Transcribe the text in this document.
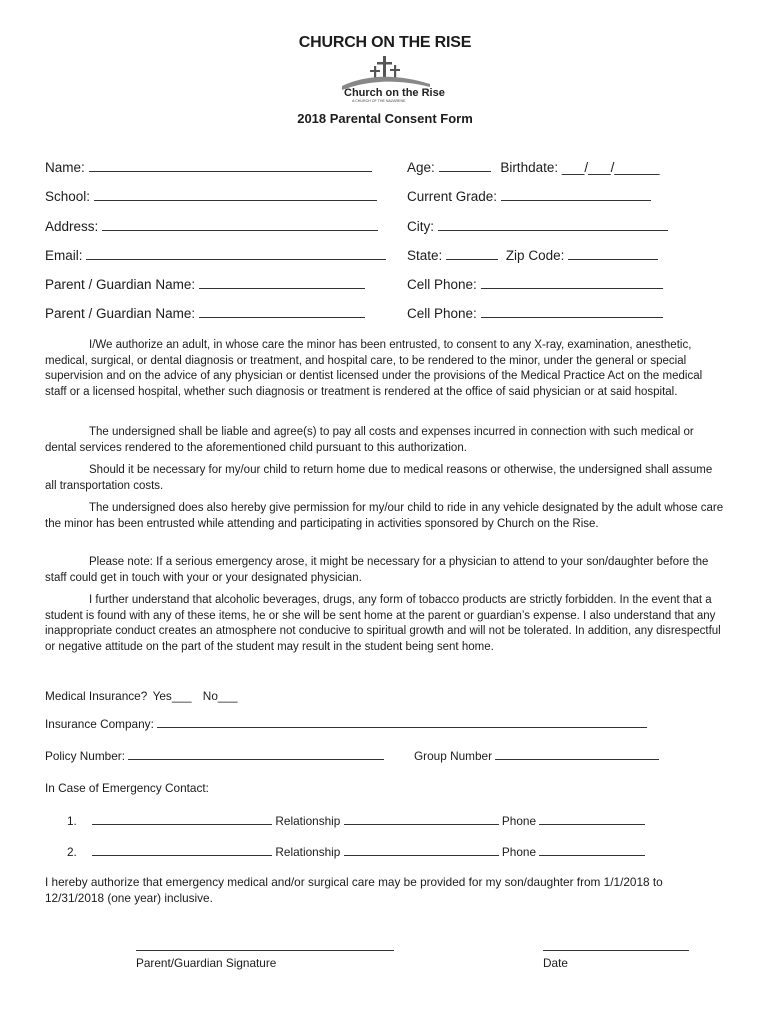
CHURCH ON THE RISE
Church on the Rise
A CHURCH OF THE NAZARENE
2018 Parental Consent Form
Name:	Age:	Birthdate: ___/___/______
School:	Current Grade:
Address:	City:
Email:	State:	Zip Code:
Parent / Guardian Name:	Cell Phone:
Parent / Guardian Name:	Cell Phone:

I/We authorize an adult, in whose care the minor has been entrusted, to consent to any X-ray, examination, anesthetic, medical, surgical, or dental diagnosis or treatment, and hospital care, to be rendered to the minor, under the general or special supervision and on the advice of any physician or dentist licensed under the provisions of the Medical Practice Act on the medical staff or a licensed hospital, whether such diagnosis or treatment is rendered at the office of said physician or at said hospital.

The undersigned shall be liable and agree(s) to pay all costs and expenses incurred in connection with such medical or dental services rendered to the aforementioned child pursuant to this authorization.

Should it be necessary for my/our child to return home due to medical reasons or otherwise, the undersigned shall assume all transportation costs.

The undersigned does also hereby give permission for my/our child to ride in any vehicle designated by the adult whose care the minor has been entrusted while attending and participating in activities sponsored by Church on the Rise.

Please note: If a serious emergency arose, it might be necessary for a physician to attend to your son/daughter before the staff could get in touch with your or your designated physician.

I further understand that alcoholic beverages, drugs, any form of tobacco products are strictly forbidden. In the event that a student is found with any of these items, he or she will be sent home at the parent or guardian’s expense. I also understand that any inappropriate conduct creates an atmosphere not conducive to spiritual growth and will not be tolerated. In addition, any disrespectful or negative attitude on the part of the student may result in the student being sent home.

Medical Insurance? Yes___ No___
Insurance Company:
Policy Number:	Group Number
In Case of Emergency Contact:
1.	Relationship	Phone
2.	Relationship	Phone

I hereby authorize that emergency medical and/or surgical care may be provided for my son/daughter from 1/1/2018 to 12/31/2018 (one year) inclusive.

Parent/Guardian Signature	Date
